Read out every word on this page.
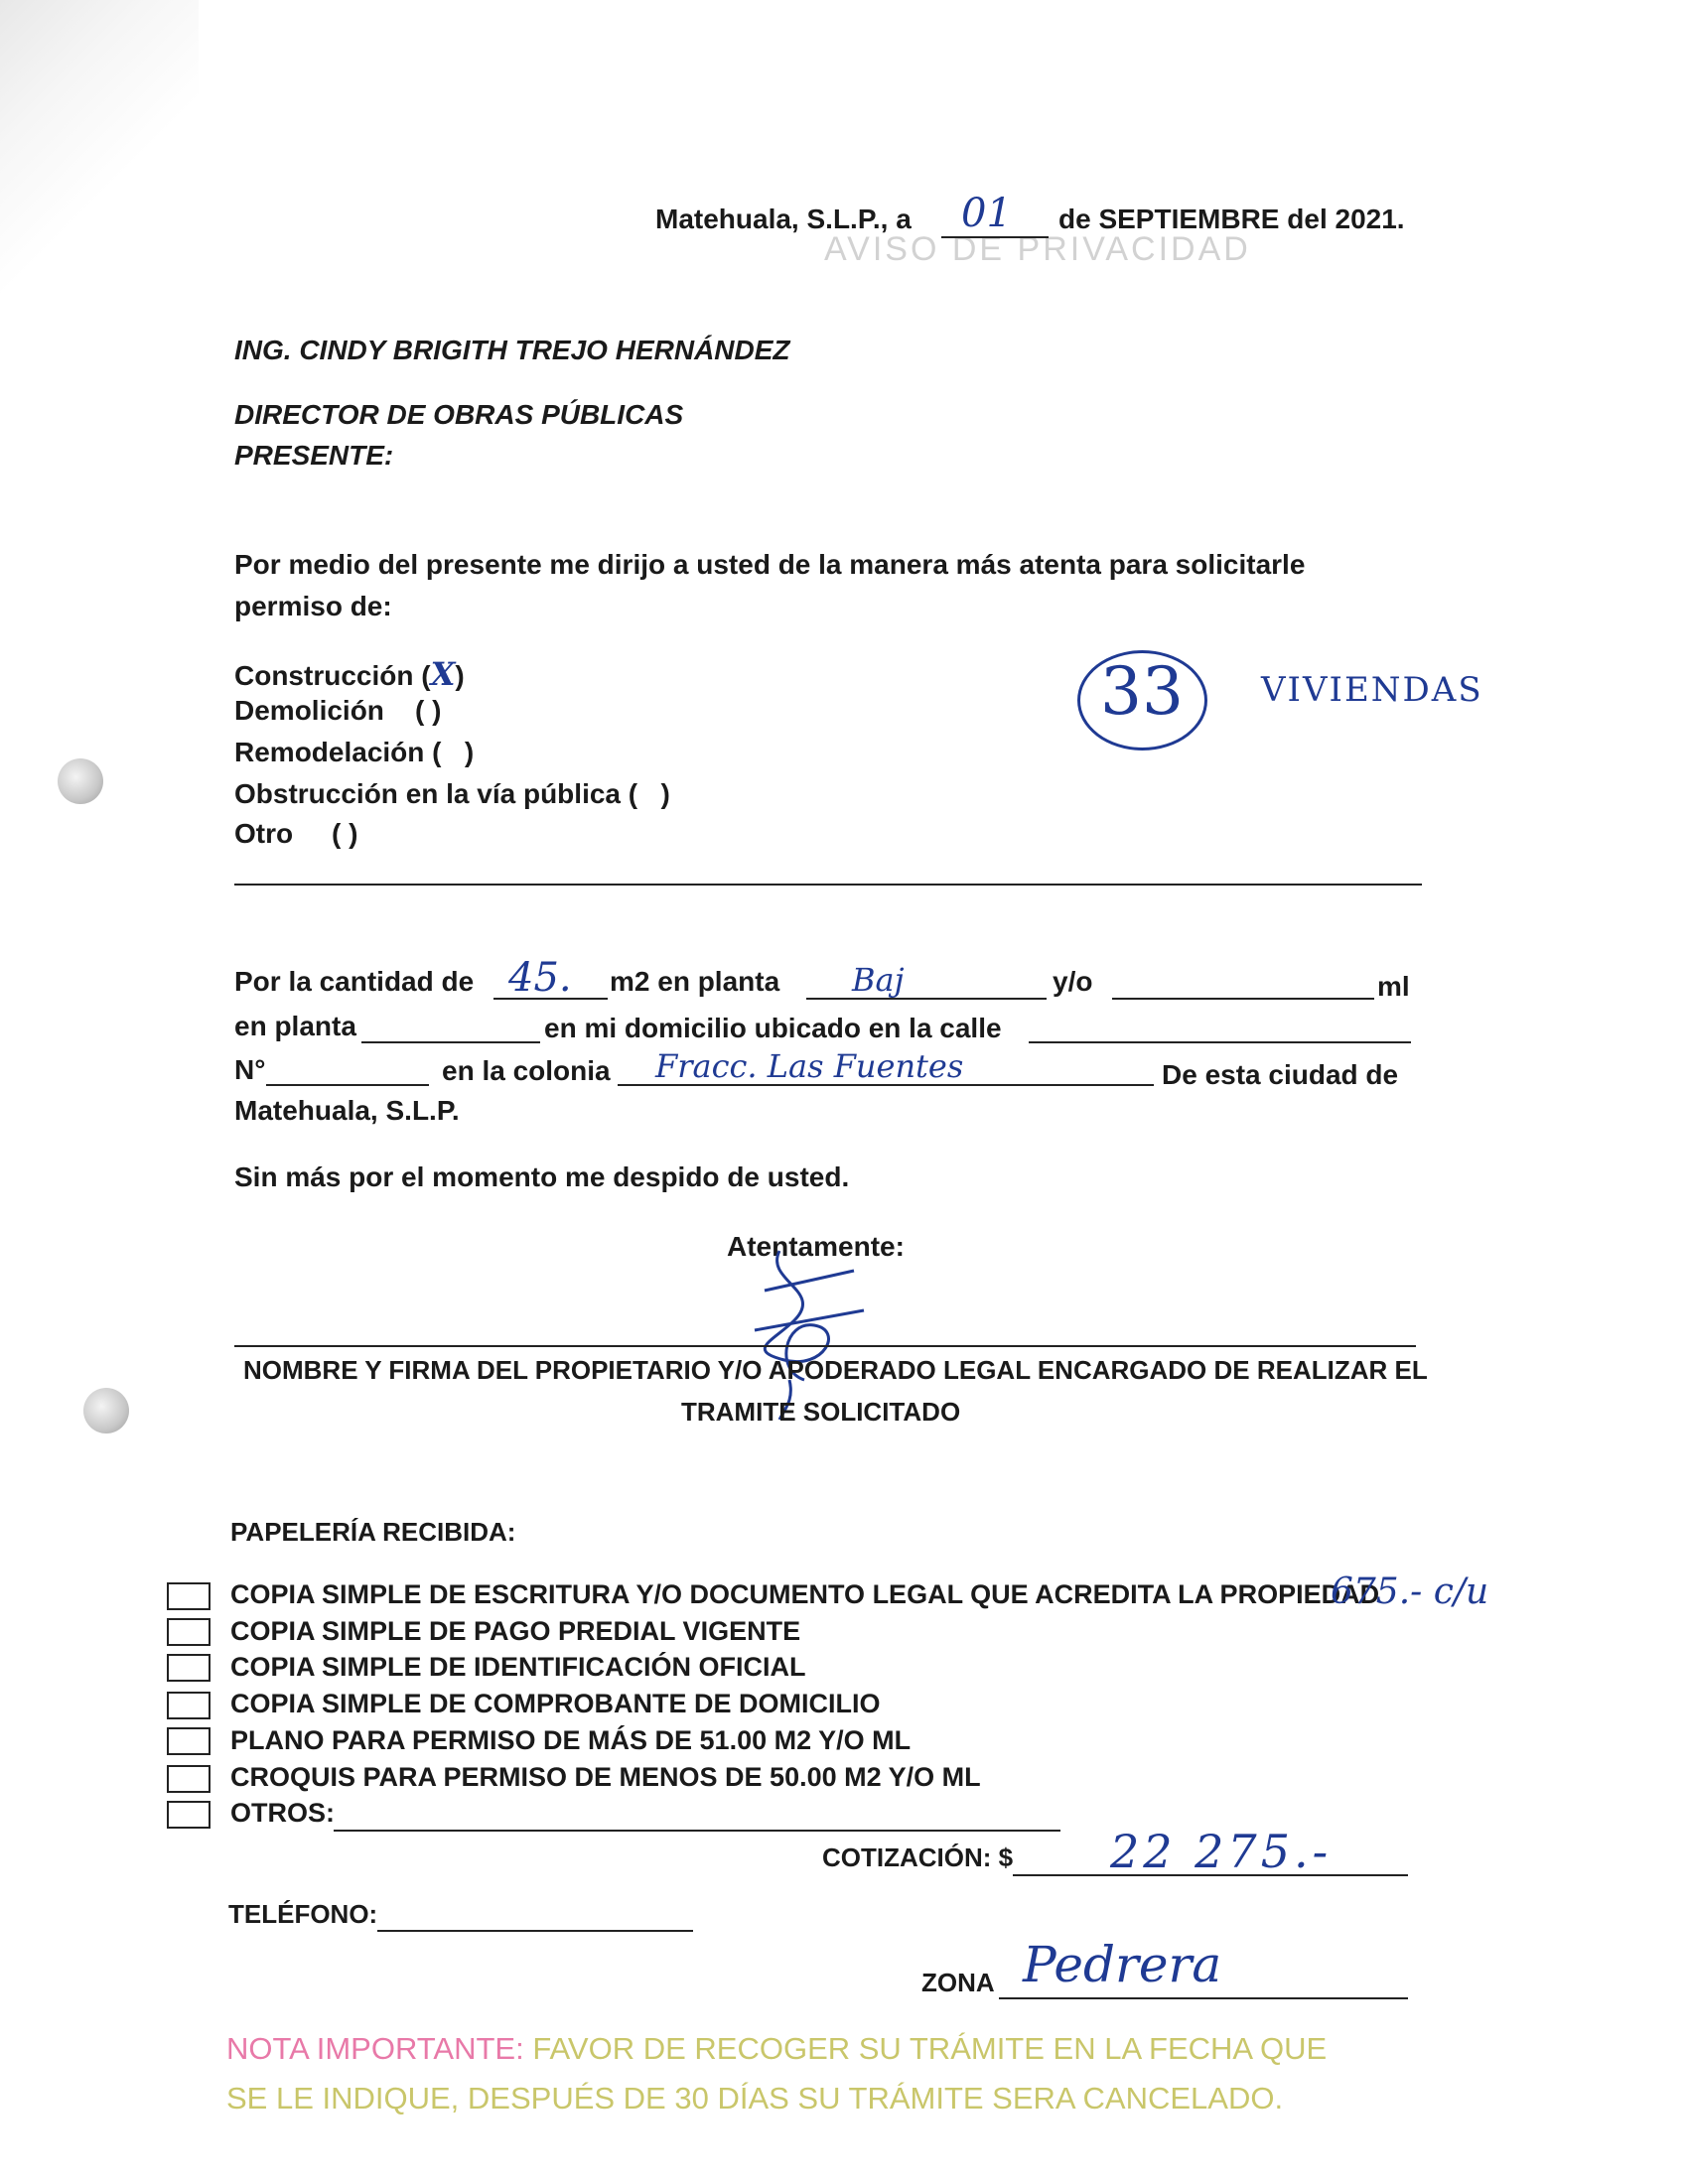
AVISO DE PRIVACIDAD
Matehuala, S.L.P., a 01 de SEPTIEMBRE del 2021.
ING. CINDY BRIGITH TREJO HERNÁNDEZ
DIRECTOR DE OBRAS PÚBLICAS
PRESENTE:
Por medio del presente me dirijo a usted de la manera más atenta para solicitarle
permiso de:
Construcción (X)
Demolición ( )
Remodelación ( )
Obstrucción en la vía pública ( )
Otro ( )
33 VIVIENDAS
Por la cantidad de 45. m2 en planta Baj	y/o	ml
en planta	en mi domicilio ubicado en la calle
N°	en la colonia Fracc. Las Fuentes	De esta ciudad de
Matehuala, S.L.P.
Sin más por el momento me despido de usted.
Atentamente:
NOMBRE Y FIRMA DEL PROPIETARIO Y/O APODERADO LEGAL ENCARGADO DE REALIZAR EL
TRAMITE SOLICITADO
PAPELERÍA RECIBIDA:
COPIA SIMPLE DE ESCRITURA Y/O DOCUMENTO LEGAL QUE ACREDITA LA PROPIEDAD
COPIA SIMPLE DE PAGO PREDIAL VIGENTE
COPIA SIMPLE DE IDENTIFICACIÓN OFICIAL
COPIA SIMPLE DE COMPROBANTE DE DOMICILIO
PLANO PARA PERMISO DE MÁS DE 51.00 M2 Y/O ML
CROQUIS PARA PERMISO DE MENOS DE 50.00 M2 Y/O ML
OTROS:
675.- c/u
COTIZACIÓN: $ 22 275.-
TELÉFONO:
ZONA Pedrera
NOTA IMPORTANTE: FAVOR DE RECOGER SU TRÁMITE EN LA FECHA QUE
SE LE INDIQUE, DESPUÉS DE 30 DÍAS SU TRÁMITE SERA CANCELADO.
